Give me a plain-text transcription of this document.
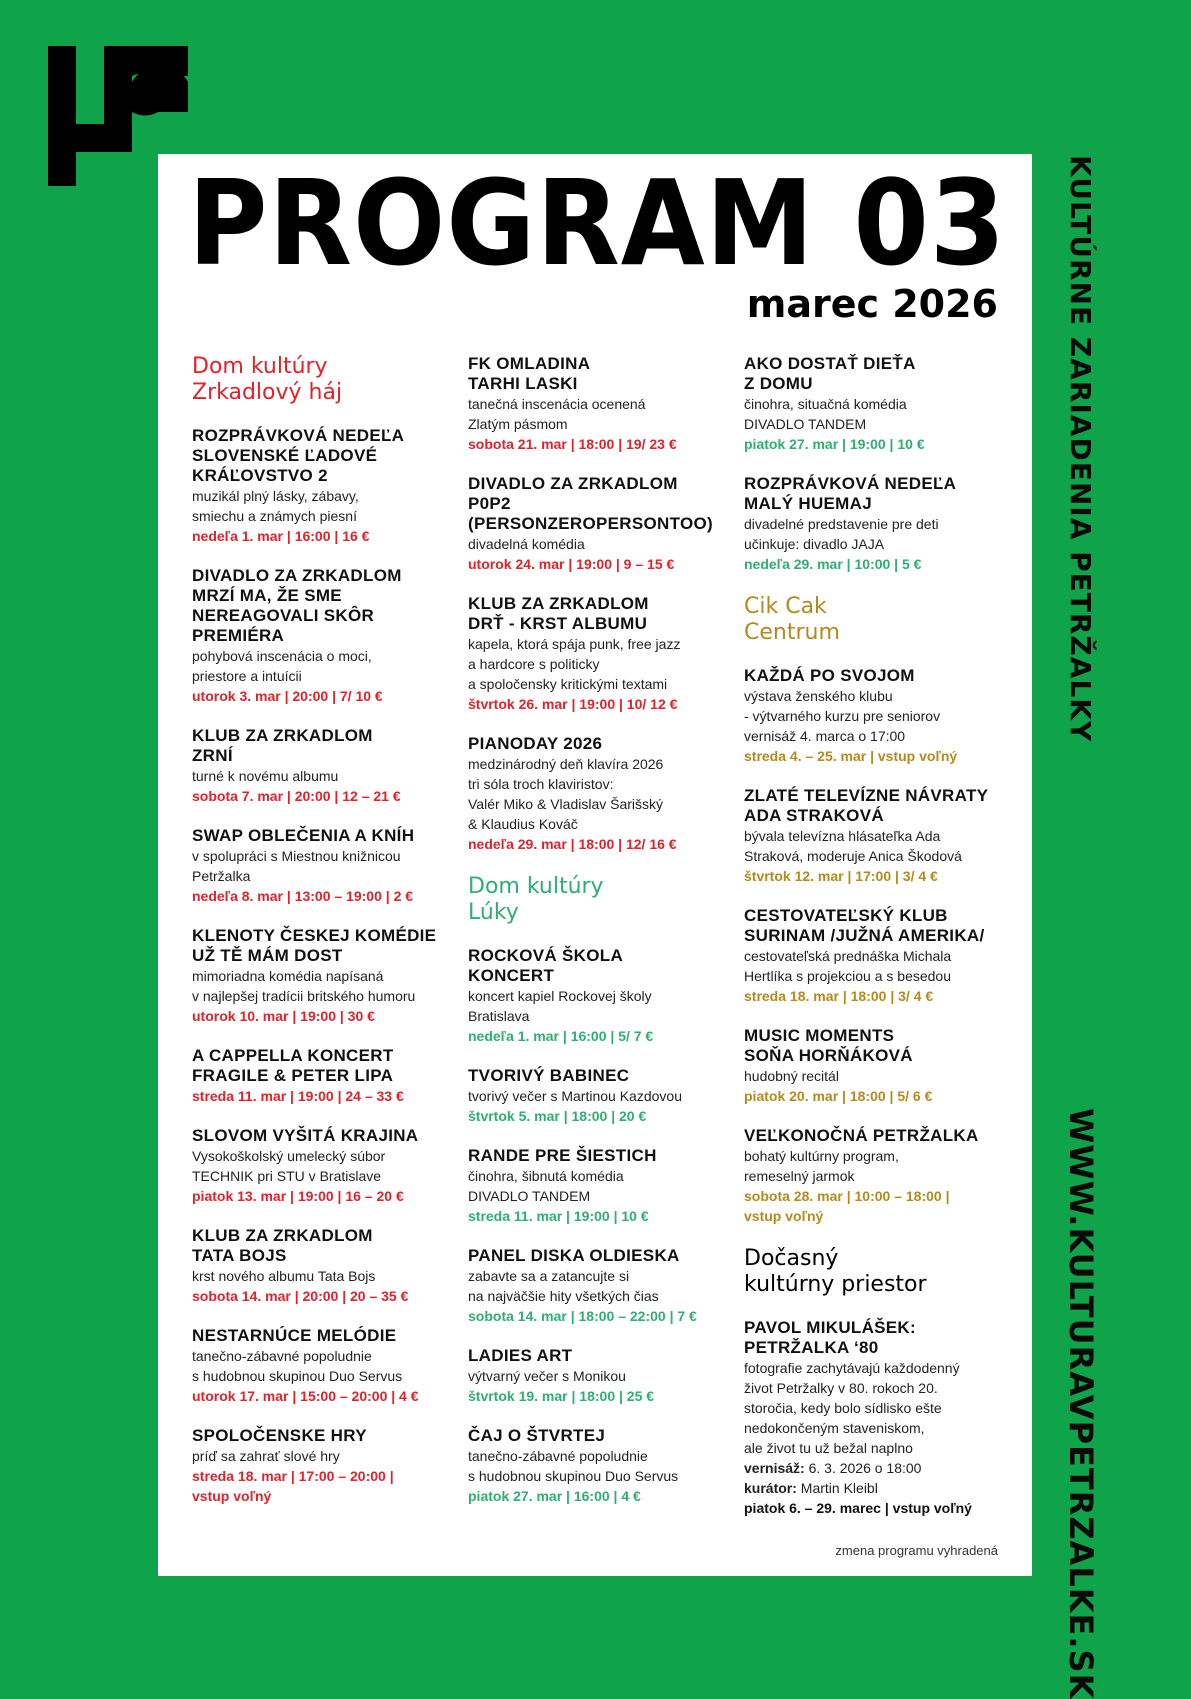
KULTÚRNE ZARIADENIA PETRŽALKY
WWW.KULTURAVPETRZALKE.SK
PROGRAM 03
marec 2026
Dom kultúry
Zrkadlový háj
ROZPRÁVKOVÁ NEDEĽA
SLOVENSKÉ ĽADOVÉ
KRÁĽOVSTVO 2
muzikál plný lásky, zábavy,
smiechu a známych piesní
nedeľa 1. mar | 16:00 | 16 €
DIVADLO ZA ZRKADLOM
MRZÍ MA, ŽE SME
NEREAGOVALI SKÔR
PREMIÉRA
pohybová inscenácia o moci,
priestore a intuícii
utorok 3. mar | 20:00 | 7/ 10 €
KLUB ZA ZRKADLOM
ZRNÍ
turné k novému albumu
sobota 7. mar | 20:00 | 12 – 21 €
SWAP OBLEČENIA A KNÍH
v spolupráci s Miestnou knižnicou
Petržalka
nedeľa 8. mar | 13:00 – 19:00 | 2 €
KLENOTY ČESKEJ KOMÉDIE
UŽ TĚ MÁM DOST
mimoriadna komédia napísaná
v najlepšej tradícii britského humoru
utorok 10. mar | 19:00 | 30 €
A CAPPELLA KONCERT
FRAGILE & PETER LIPA
streda 11. mar | 19:00 | 24 – 33 €
SLOVOM VYŠITÁ KRAJINA
Vysokoškolský umelecký súbor
TECHNIK pri STU v Bratislave
piatok 13. mar | 19:00 | 16 – 20 €
KLUB ZA ZRKADLOM
TATA BOJS
krst nového albumu Tata Bojs
sobota 14. mar | 20:00 | 20 – 35 €
NESTARNÚCE MELÓDIE
tanečno-zábavné popoludnie
s hudobnou skupinou Duo Servus
utorok 17. mar | 15:00 – 20:00 | 4 €
SPOLOČENSKE HRY
príď sa zahrať slové hry
streda 18. mar | 17:00 – 20:00 |
vstup voľný
FK OMLADINA
TARHI LASKI
tanečná inscenácia ocenená
Zlatým pásmom
sobota 21. mar | 18:00 | 19/ 23 €
DIVADLO ZA ZRKADLOM
P0P2
(PERSONZEROPERSONTOO)
divadelná komédia
utorok 24. mar | 19:00 | 9 – 15 €
KLUB ZA ZRKADLOM
DRŤ - KRST ALBUMU
kapela, ktorá spája punk, free jazz
a hardcore s politicky
a spoločensky kritickými textami
štvrtok 26. mar | 19:00 | 10/ 12 €
PIANODAY 2026
medzinárodný deň klavíra 2026
tri sóla troch klaviristov:
Valér Miko & Vladislav Šarišský
& Klaudius Kováč
nedeľa 29. mar | 18:00 | 12/ 16 €
Dom kultúry
Lúky
ROCKOVÁ ŠKOLA
KONCERT
koncert kapiel Rockovej školy
Bratislava
nedeľa 1. mar | 16:00 | 5/ 7 €
TVORIVÝ BABINEC
tvorivý večer s Martinou Kazdovou
štvrtok 5. mar | 18:00 | 20 €
RANDE PRE ŠIESTICH
činohra, šibnutá komédia
DIVADLO TANDEM
streda 11. mar | 19:00 | 10 €
PANEL DISKA OLDIESKA
zabavte sa a zatancujte si
na najväčšie hity všetkých čias
sobota 14. mar | 18:00 – 22:00 | 7 €
LADIES ART
výtvarný večer s Monikou
štvrtok 19. mar | 18:00 | 25 €
ČAJ O ŠTVRTEJ
tanečno-zábavné popoludnie
s hudobnou skupinou Duo Servus
piatok 27. mar | 16:00 | 4 €
AKO DOSTAŤ DIEŤA
Z DOMU
činohra, situačná komédia
DIVADLO TANDEM
piatok 27. mar | 19:00 | 10 €
ROZPRÁVKOVÁ NEDEĽA
MALÝ HUEMAJ
divadelné predstavenie pre deti
učinkuje: divadlo JAJA
nedeľa 29. mar | 10:00 | 5 €
Cik Cak
Centrum
KAŽDÁ PO SVOJOM
výstava ženského klubu
- výtvarného kurzu pre seniorov
vernisáž 4. marca o 17:00
streda 4. – 25. mar | vstup voľný
ZLATÉ TELEVÍZNE NÁVRATY
ADA STRAKOVÁ
bývala televízna hlásateľka Ada
Straková, moderuje Anica Škodová
štvrtok 12. mar | 17:00 | 3/ 4 €
CESTOVATEĽSKÝ KLUB
SURINAM /JUŽNÁ AMERIKA/
cestovateľská prednáška Michala
Hertlíka s projekciou a s besedou
streda 18. mar | 18:00 | 3/ 4 €
MUSIC MOMENTS
SOŇA HORŇÁKOVÁ
hudobný recitál
piatok 20. mar | 18:00 | 5/ 6 €
VEĽKONOČNÁ PETRŽALKA
bohatý kultúrny program,
remeselný jarmok
sobota 28. mar | 10:00 – 18:00 |
vstup voľný
Dočasný
kultúrny priestor
PAVOL MIKULÁŠEK:
PETRŽALKA ‘80
fotografie zachytávajú každodenný
život Petržalky v 80. rokoch 20.
storočia, kedy bolo sídlisko ešte
nedokončeným staveniskom,
ale život tu už bežal naplno
vernisáž: 6. 3. 2026 o 18:00
kurátor: Martin Kleibl
piatok 6. – 29. marec | vstup voľný
zmena programu vyhradená
